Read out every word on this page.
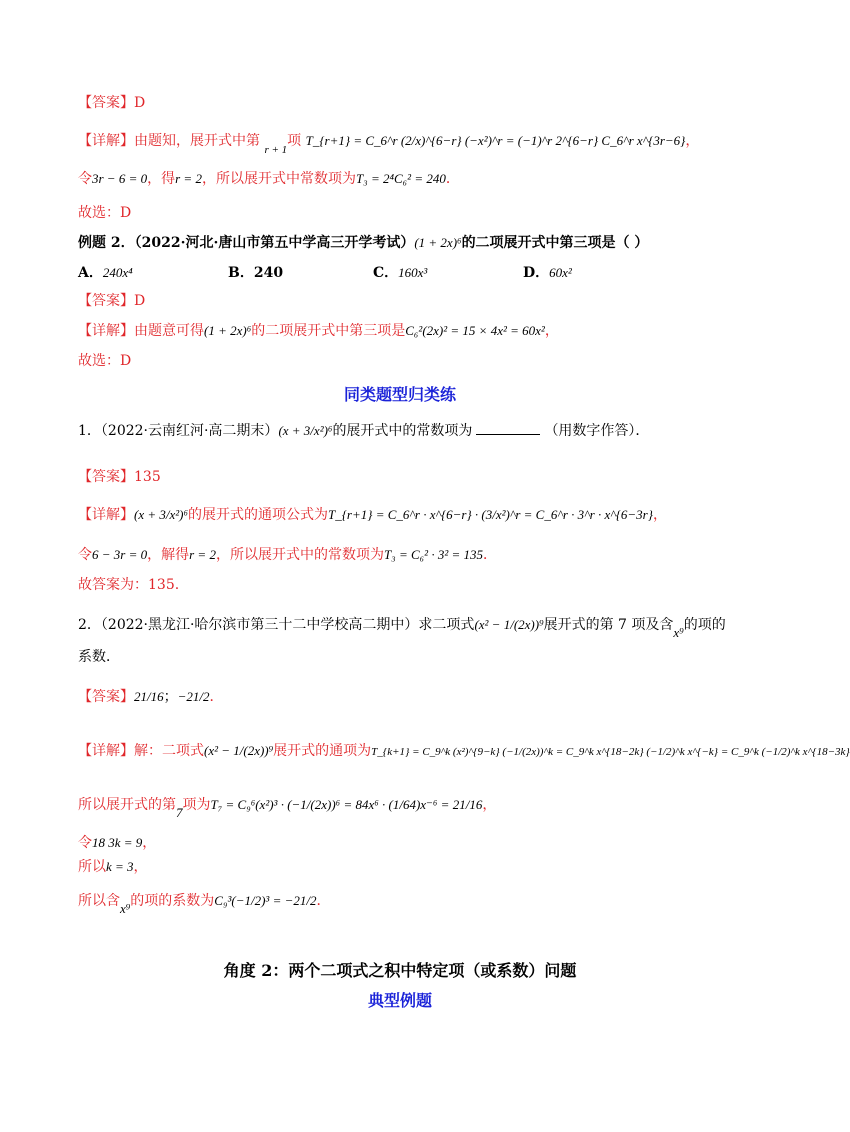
【答案】D
【详解】由题知，展开式中第 $_{r + 1}$项 T_{r+1} = C_6^r (2/x)^{6−r} (−x²)^r = (−1)^r 2^{6−r} C_6^r x^{3r−6}，
令3r − 6 = 0，得r = 2，所以展开式中常数项为T₃ = 2⁴C₆² = 240．
故选：D
例题 2．（2022·河北·唐山市第五中学高三开学考试）(1 + 2x)⁶的二项展开式中第三项是（ ）
A．240x⁴	B．240	C．160x³	D．60x²
【答案】D
【详解】由题意可得(1 + 2x)⁶的二项展开式中第三项是C₆²(2x)² = 15 × 4x² = 60x²，
故选：D
同类题型归类练
1．（2022·云南红河·高二期末）(x + 3/x²)⁶的展开式中的常数项为	（用数字作答）．
【答案】135
【详解】(x + 3/x²)⁶的展开式的通项公式为T_{r+1} = C_6^r · x^{6−r} · (3/x²)^r = C_6^r · 3^r · x^{6−3r}，
令6 − 3r = 0，解得r = 2，所以展开式中的常数项为T₃ = C₆² · 3² = 135．
故答案为：135.
2．（2022·黑龙江·哈尔滨市第三十二中学校高二期中）求二项式(x² − 1/(2x))⁹展开式的第 7 项及含x⁹的项的
系数．
【答案】21/16；−21/2．
【详解】解：二项式(x² − 1/(2x))⁹展开式的通项为T_{k+1} = C_9^k (x²)^{9−k} (−1/(2x))^k = C_9^k x^{18−2k} (−1/2)^k x^{−k} = C_9^k (−1/2)^k x^{18−3k}
所以展开式的第7项为T₇ = C₉⁶(x²)³ · (−1/(2x))⁶ = 84x⁶ · (1/64)x⁻⁶ = 21/16，
令18 3k = 9，
所以k = 3，
所以含x⁹的项的系数为C₉³(−1/2)³ = −21/2．
角度 2：两个二项式之积中特定项（或系数）问题
典型例题
